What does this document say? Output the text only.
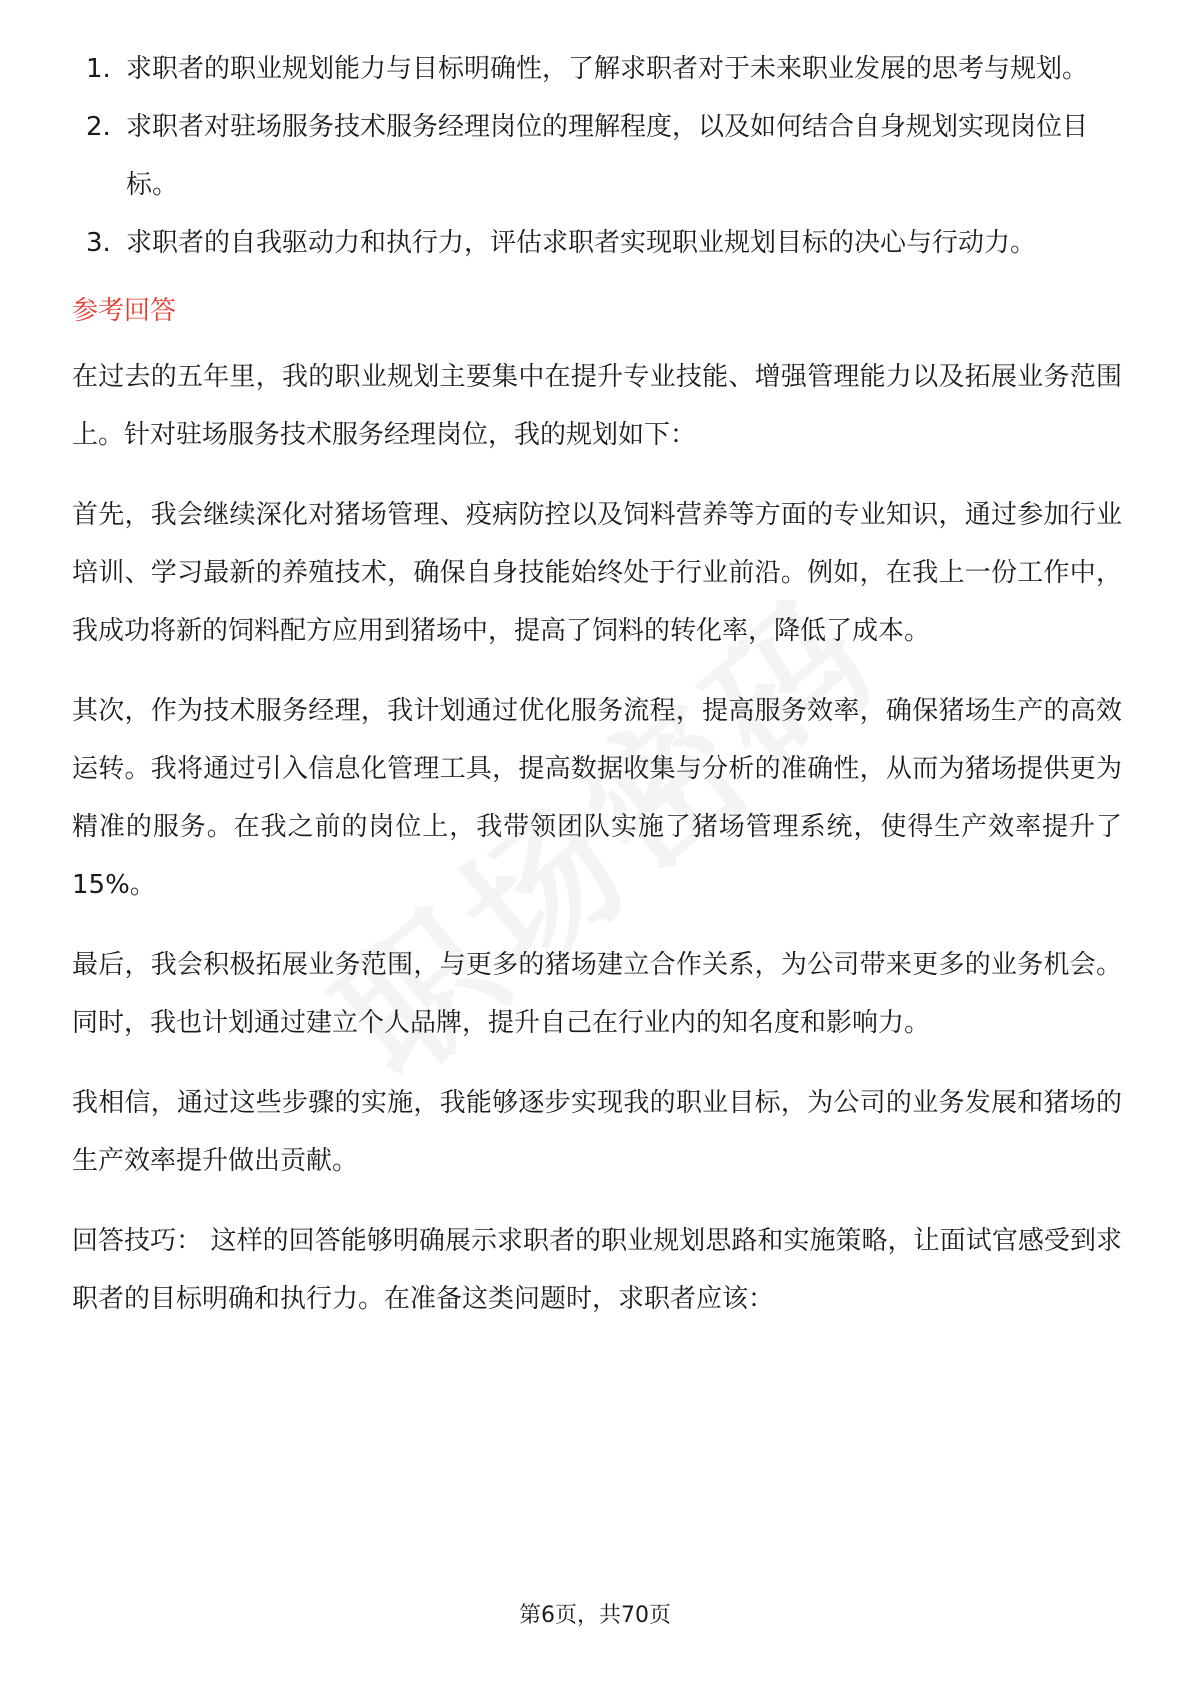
1. 求职者的职业规划能力与目标明确性，了解求职者对于未来职业发展的思考与规划。
2. 求职者对驻场服务技术服务经理岗位的理解程度，以及如何结合自身规划实现岗位目标。
3. 求职者的自我驱动力和执行力，评估求职者实现职业规划目标的决心与行动力。
参考回答

在过去的五年里，我的职业规划主要集中在提升专业技能、增强管理能力以及拓展业务范围上。针对驻场服务技术服务经理岗位，我的规划如下：

首先，我会继续深化对猪场管理、疫病防控以及饲料营养等方面的专业知识，通过参加行业培训、学习最新的养殖技术，确保自身技能始终处于行业前沿。例如，在我上一份工作中，我成功将新的饲料配方应用到猪场中，提高了饲料的转化率，降低了成本。

其次，作为技术服务经理，我计划通过优化服务流程，提高服务效率，确保猪场生产的高效运转。我将通过引入信息化管理工具，提高数据收集与分析的准确性，从而为猪场提供更为精准的服务。在我之前的岗位上，我带领团队实施了猪场管理系统，使得生产效率提升了15%。

最后，我会积极拓展业务范围，与更多的猪场建立合作关系，为公司带来更多的业务机会。同时，我也计划通过建立个人品牌，提升自己在行业内的知名度和影响力。

我相信，通过这些步骤的实施，我能够逐步实现我的职业目标，为公司的业务发展和猪场的生产效率提升做出贡献。

回答技巧： 这样的回答能够明确展示求职者的职业规划思路和实施策略，让面试官感受到求职者的目标明确和执行力。在准备这类问题时，求职者应该：

第6页，共70页
